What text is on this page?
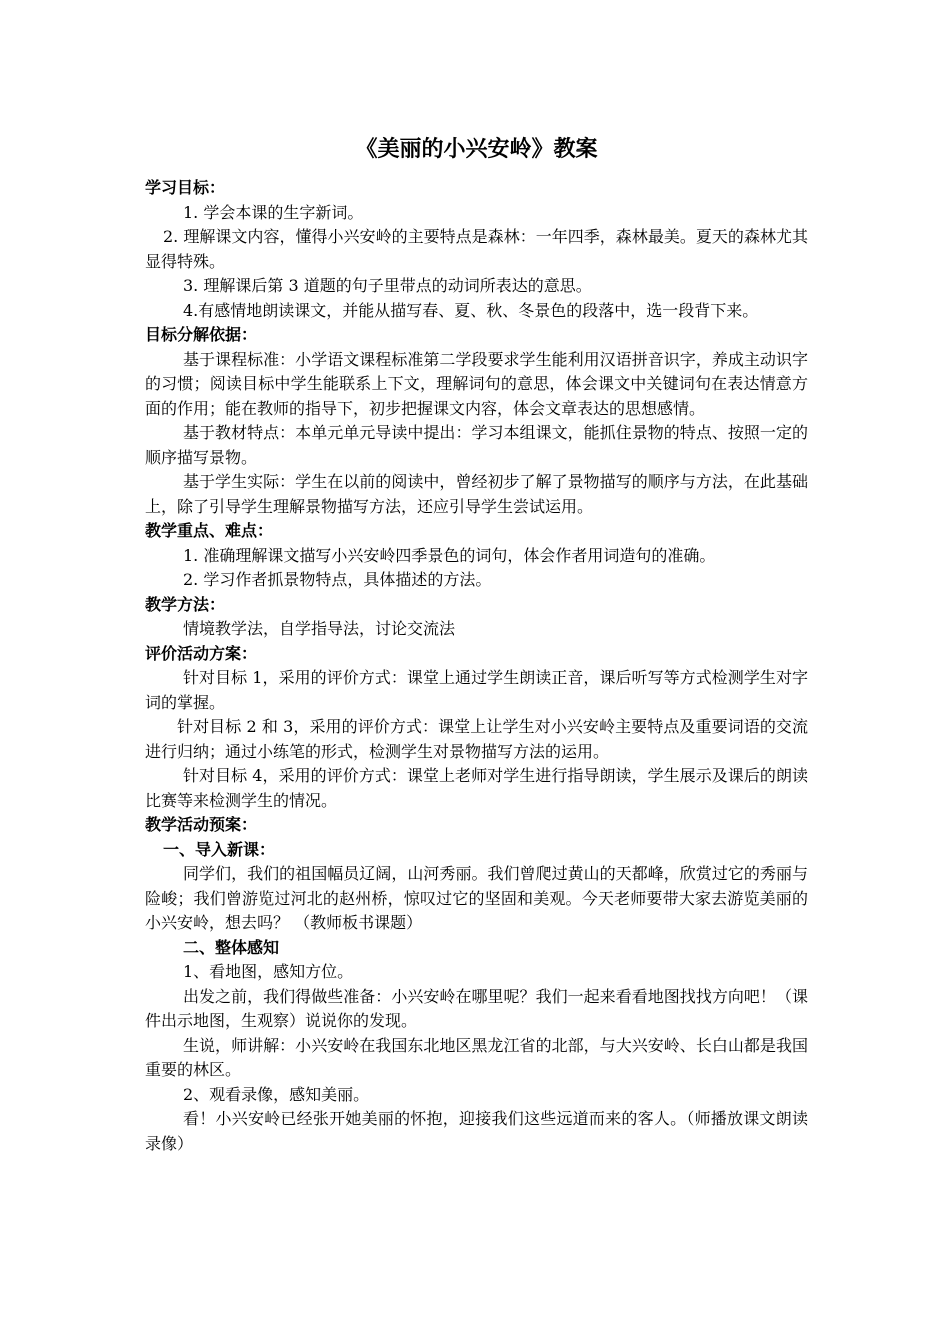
《美丽的小兴安岭》教案
学习目标：

1. 学会本课的生字新词。

2. 理解课文内容，懂得小兴安岭的主要特点是森林：一年四季，森林最美。夏天的森林尤其显得特殊。

3. 理解课后第 3 道题的句子里带点的动词所表达的意思。

4.有感情地朗读课文，并能从描写春、夏、秋、冬景色的段落中，选一段背下来。

目标分解依据：

基于课程标准：小学语文课程标准第二学段要求学生能利用汉语拼音识字，养成主动识字的习惯；阅读目标中学生能联系上下文，理解词句的意思，体会课文中关键词句在表达情意方面的作用；能在教师的指导下，初步把握课文内容，体会文章表达的思想感情。

基于教材特点：本单元单元导读中提出：学习本组课文，能抓住景物的特点、按照一定的顺序描写景物。

基于学生实际：学生在以前的阅读中，曾经初步了解了景物描写的顺序与方法，在此基础上，除了引导学生理解景物描写方法，还应引导学生尝试运用。

教学重点、难点：

1. 准确理解课文描写小兴安岭四季景色的词句，体会作者用词造句的准确。

2. 学习作者抓景物特点，具体描述的方法。

教学方法：

情境教学法，自学指导法，讨论交流法

评价活动方案：

针对目标 1，采用的评价方式：课堂上通过学生朗读正音，课后听写等方式检测学生对字词的掌握。

针对目标 2 和 3，采用的评价方式：课堂上让学生对小兴安岭主要特点及重要词语的交流进行归纳；通过小练笔的形式，检测学生对景物描写方法的运用。

针对目标 4，采用的评价方式：课堂上老师对学生进行指导朗读，学生展示及课后的朗读比赛等来检测学生的情况。

教学活动预案：
一、导入新课：

同学们，我们的祖国幅员辽阔，山河秀丽。我们曾爬过黄山的天都峰，欣赏过它的秀丽与险峻；我们曾游览过河北的赵州桥，惊叹过它的坚固和美观。今天老师要带大家去游览美丽的小兴安岭，想去吗？ （教师板书课题）

二、整体感知

1、看地图，感知方位。

出发之前，我们得做些准备：小兴安岭在哪里呢？我们一起来看看地图找找方向吧！（课件出示地图，生观察）说说你的发现。

生说，师讲解：小兴安岭在我国东北地区黑龙江省的北部，与大兴安岭、长白山都是我国重要的林区。

2、观看录像，感知美丽。

看！小兴安岭已经张开她美丽的怀抱，迎接我们这些远道而来的客人。（师播放课文朗读录像）
